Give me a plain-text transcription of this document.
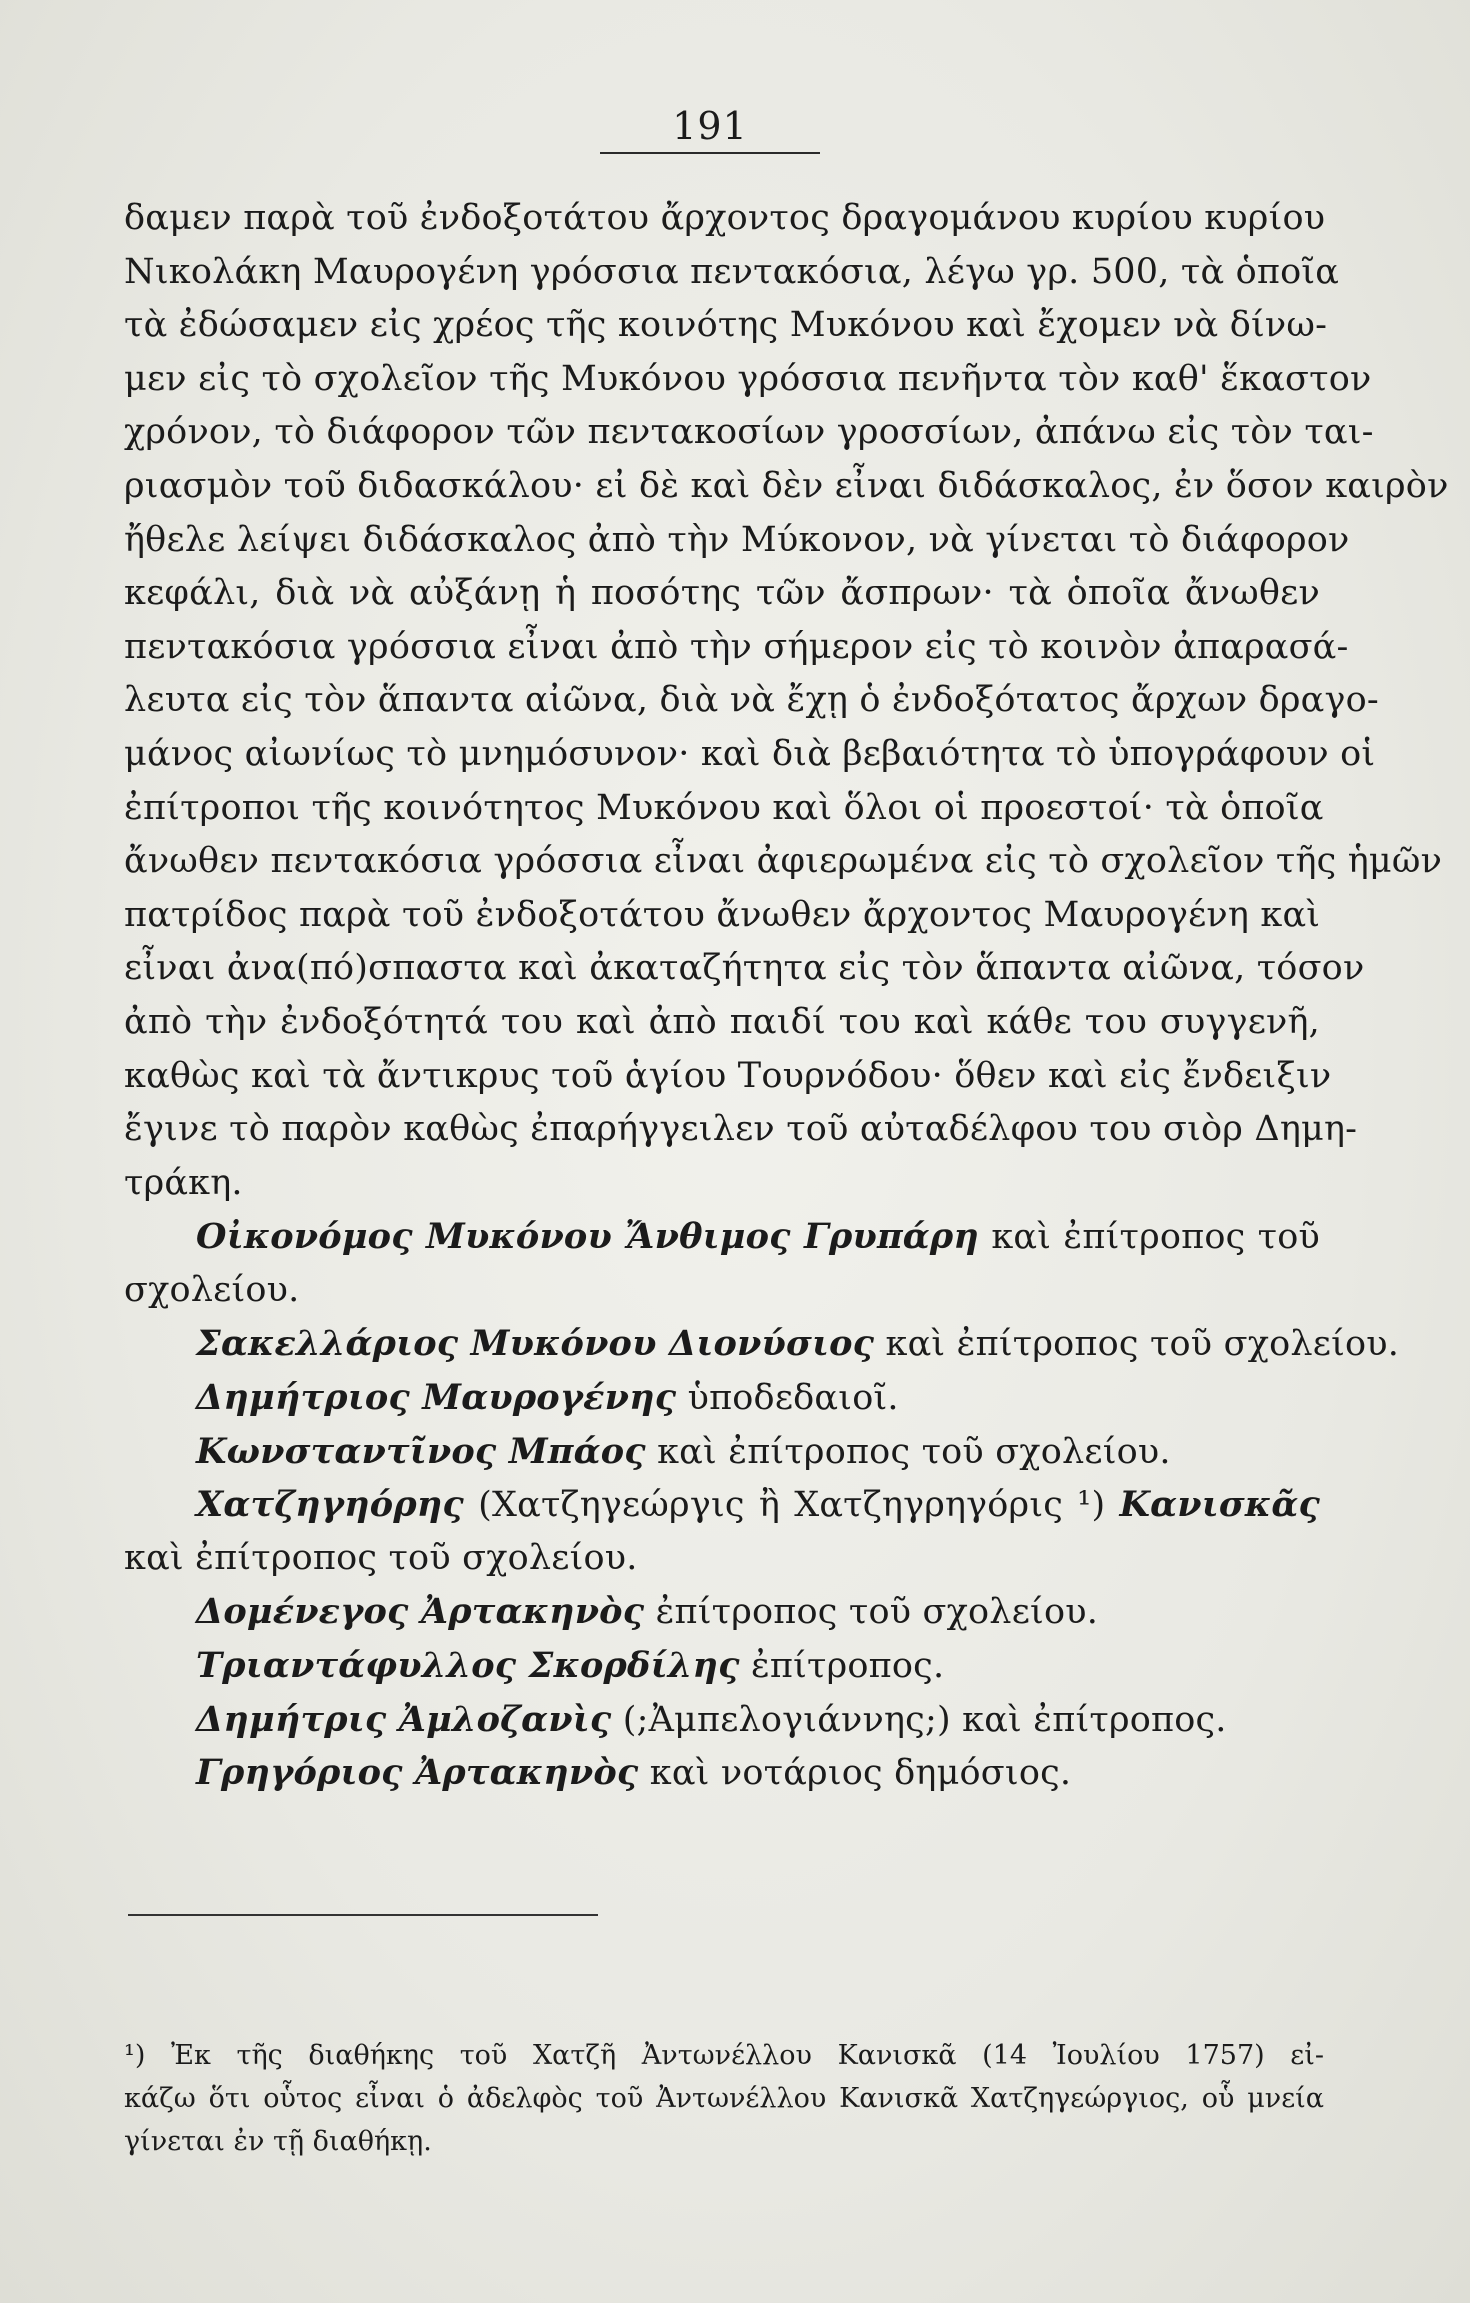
191
δαμεν παρὰ τοῦ ἐνδοξοτάτου ἄρχοντος δραγομάνου κυρίου κυρίου
Νικολάκη Μαυρογένη γρόσσια πεντακόσια, λέγω γρ. 500, τὰ ὁποῖα
τὰ ἐδώσαμεν εἰς χρέος τῆς κοινότης Μυκόνου καὶ ἔχομεν νὰ δίνω-
μεν εἰς τὸ σχολεῖον τῆς Μυκόνου γρόσσια πενῆντα τὸν καθ' ἕκαστον
χρόνον, τὸ διάφορον τῶν πεντακοσίων γροσσίων, ἀπάνω εἰς τὸν ται-
ριασμὸν τοῦ διδασκάλου· εἰ δὲ καὶ δὲν εἶναι διδάσκαλος, ἐν ὅσον καιρὸν
ἤθελε λείψει διδάσκαλος ἀπὸ τὴν Μύκονον, νὰ γίνεται τὸ διάφορον
κεφάλι, διὰ νὰ αὐξάνῃ ἡ ποσότης τῶν ἄσπρων· τὰ ὁποῖα ἄνωθεν
πεντακόσια γρόσσια εἶναι ἀπὸ τὴν σήμερον εἰς τὸ κοινὸν ἀπαρασά-
λευτα εἰς τὸν ἅπαντα αἰῶνα, διὰ νὰ ἔχῃ ὁ ἐνδοξότατος ἄρχων δραγο-
μάνος αἰωνίως τὸ μνημόσυνον· καὶ διὰ βεβαιότητα τὸ ὑπογράφουν οἱ
ἐπίτροποι τῆς κοινότητος Μυκόνου καὶ ὅλοι οἱ προεστοί· τὰ ὁποῖα
ἄνωθεν πεντακόσια γρόσσια εἶναι ἀφιερωμένα εἰς τὸ σχολεῖον τῆς ἡμῶν
πατρίδος παρὰ τοῦ ἐνδοξοτάτου ἄνωθεν ἄρχοντος Μαυρογένη καὶ
εἶναι ἀνα(πό)σπαστα καὶ ἀκαταζήτητα εἰς τὸν ἅπαντα αἰῶνα, τόσον
ἀπὸ τὴν ἐνδοξότητά του καὶ ἀπὸ παιδί του καὶ κάθε του συγγενῆ,
καθὼς καὶ τὰ ἄντικρυς τοῦ ἁγίου Τουρνόδου· ὅθεν καὶ εἰς ἔνδειξιν
ἔγινε τὸ παρὸν καθὼς ἐπαρήγγειλεν τοῦ αὐταδέλφου του σιὸρ Δημη-
τράκη.
Οἰκονόμος Μυκόνου Ἄνθιμος Γρυπάρη καὶ ἐπίτροπος τοῦ
σχολείου.
Σακελλάριος Μυκόνου Διονύσιος καὶ ἐπίτροπος τοῦ σχολείου.
Δημήτριος Μαυρογένης ὑποδεδαιοῖ.
Κωνσταντῖνος Μπάος καὶ ἐπίτροπος τοῦ σχολείου.
Χατζηγηόρης (Χατζηγεώργις ἢ Χατζηγρηγόρις ¹) Κανισκᾶς
καὶ ἐπίτροπος τοῦ σχολείου.
Δομένεγος Ἀρτακηνὸς ἐπίτροπος τοῦ σχολείου.
Τριαντάφυλλος Σκορδίλης ἐπίτροπος.
Δημήτρις Ἀμλοζανὶς (;Ἀμπελογιάννης;) καὶ ἐπίτροπος.
Γρηγόριος Ἀρτακηνὸς καὶ νοτάριος δημόσιος.
¹) Ἐκ τῆς διαθήκης τοῦ Χατζῆ Ἀντωνέλλου Κανισκᾶ (14 Ἰουλίου 1757) εἰ-
κάζω ὅτι οὗτος εἶναι ὁ ἀδελφὸς τοῦ Ἀντωνέλλου Κανισκᾶ Χατζηγεώργιος, οὗ μνεία
γίνεται ἐν τῇ διαθήκῃ.
